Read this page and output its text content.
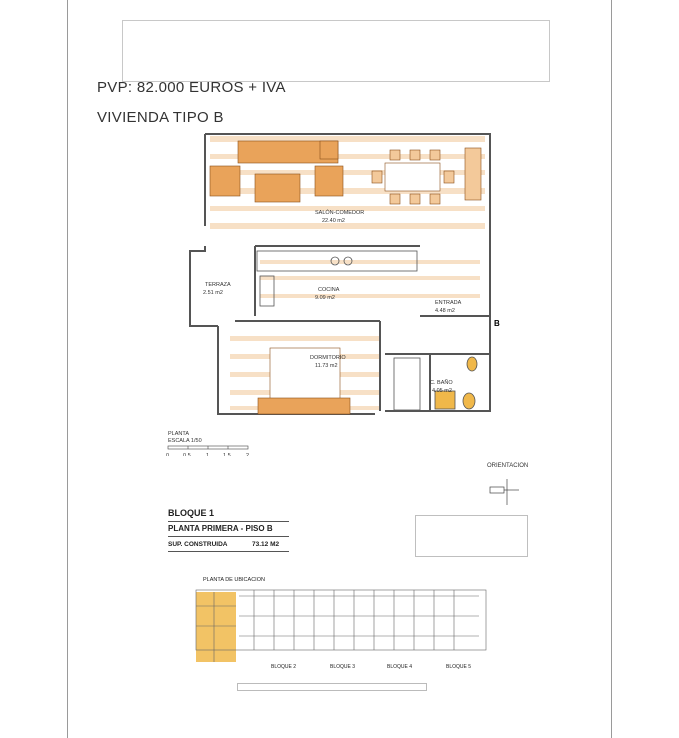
PVP: 82.000 EUROS + IVA
VIVIENDA TIPO B
SALÓN-COMEDOR
22.40 m2
TERRAZA
2.51 m2	COCINA
9.09 m2
ENTRADA
4.48 m2
DORMITORIO
11.73 m2
C. BAÑO
4.05 m2
B
PLANTA
ESCALA 1/50
0	0.5	1	1.5	2
ORIENTACION
BLOQUE 1
PLANTA PRIMERA - PISO B
SUP. CONSTRUIDA	73.12 M2
PLANTA DE UBICACION
BLOQUE 2	BLOQUE 3	BLOQUE 4	BLOQUE 5
